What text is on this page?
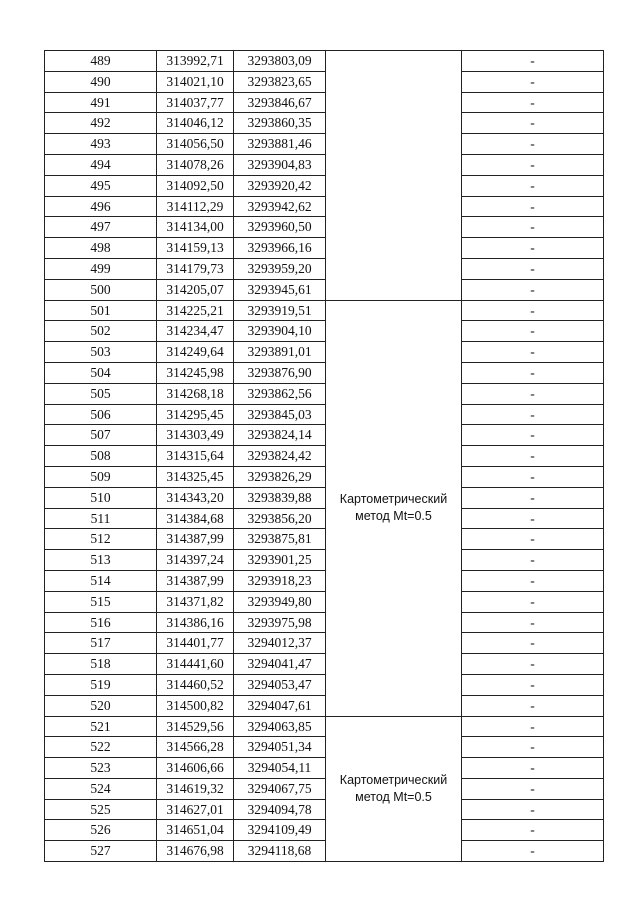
489	313992,71	3293803,09		-
490	314021,10	3293823,65		-
491	314037,77	3293846,67		-
492	314046,12	3293860,35		-
493	314056,50	3293881,46		-
494	314078,26	3293904,83		-
495	314092,50	3293920,42		-
496	314112,29	3293942,62		-
497	314134,00	3293960,50		-
498	314159,13	3293966,16		-
499	314179,73	3293959,20		-
500	314205,07	3293945,61		-
501	314225,21	3293919,51	Картометрический метод Mt=0.5	-
502	314234,47	3293904,10		-
503	314249,64	3293891,01		-
504	314245,98	3293876,90		-
505	314268,18	3293862,56		-
506	314295,45	3293845,03		-
507	314303,49	3293824,14		-
508	314315,64	3293824,42		-
509	314325,45	3293826,29		-
510	314343,20	3293839,88		-
511	314384,68	3293856,20		-
512	314387,99	3293875,81		-
513	314397,24	3293901,25		-
514	314387,99	3293918,23		-
515	314371,82	3293949,80		-
516	314386,16	3293975,98		-
517	314401,77	3294012,37		-
518	314441,60	3294041,47		-
519	314460,52	3294053,47		-
520	314500,82	3294047,61		-
521	314529,56	3294063,85	Картометрический метод Mt=0.5	-
522	314566,28	3294051,34		-
523	314606,66	3294054,11		-
524	314619,32	3294067,75		-
525	314627,01	3294094,78		-
526	314651,04	3294109,49		-
527	314676,98	3294118,68		-
